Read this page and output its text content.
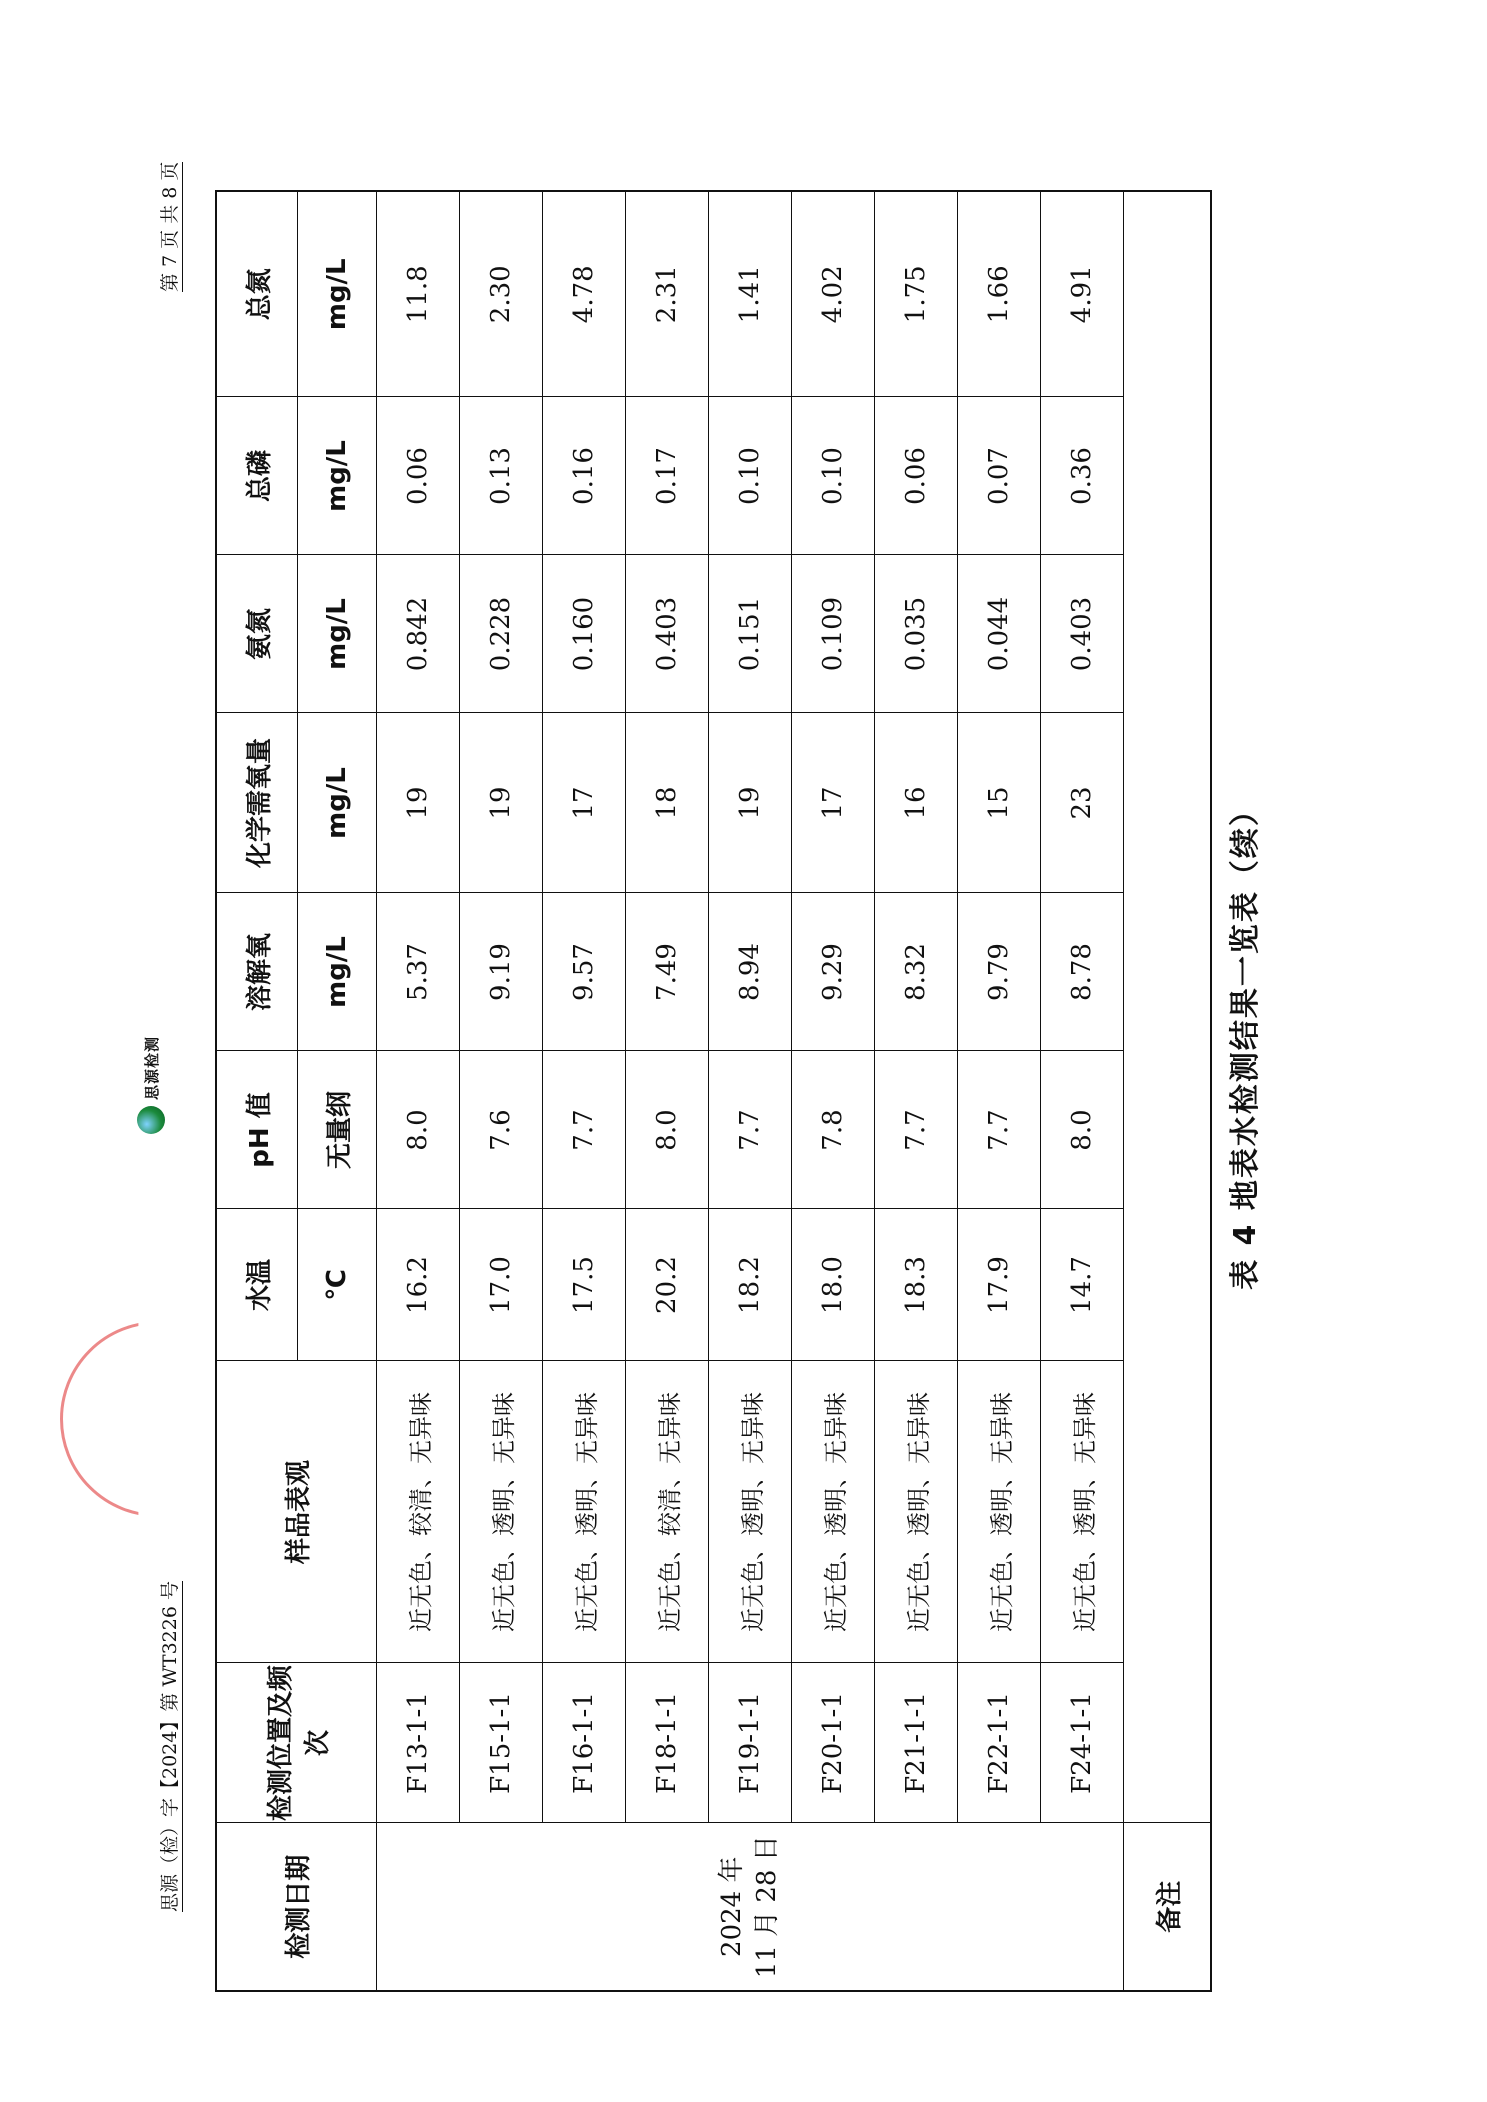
思源（检）字【2024】第 WT3226 号
思源检测
第 7 页 共 8 页
检测日期	检测位置及频次	样品表观	水温	pH 值	溶解氧	化学需氧量	氨氮	总磷	总氮
			℃	无量纲	mg/L	mg/L	mg/L	mg/L	mg/L
2024 年 11 月 28 日	F13-1-1	近无色、较清、无异味	16.2	8.0	5.37	19	0.842	0.06	11.8
	F15-1-1	近无色、透明、无异味	17.0	7.6	9.19	19	0.228	0.13	2.30
	F16-1-1	近无色、透明、无异味	17.5	7.7	9.57	17	0.160	0.16	4.78
	F18-1-1	近无色、较清、无异味	20.2	8.0	7.49	18	0.403	0.17	2.31
	F19-1-1	近无色、透明、无异味	18.2	7.7	8.94	19	0.151	0.10	1.41
	F20-1-1	近无色、透明、无异味	18.0	7.8	9.29	17	0.109	0.10	4.02
	F21-1-1	近无色、透明、无异味	18.3	7.7	8.32	16	0.035	0.06	1.75
	F22-1-1	近无色、透明、无异味	17.9	7.7	9.79	15	0.044	0.07	1.66
	F24-1-1	近无色、透明、无异味	14.7	8.0	8.78	23	0.403	0.36	4.91
备注									
表 4 地表水检测结果一览表（续）
